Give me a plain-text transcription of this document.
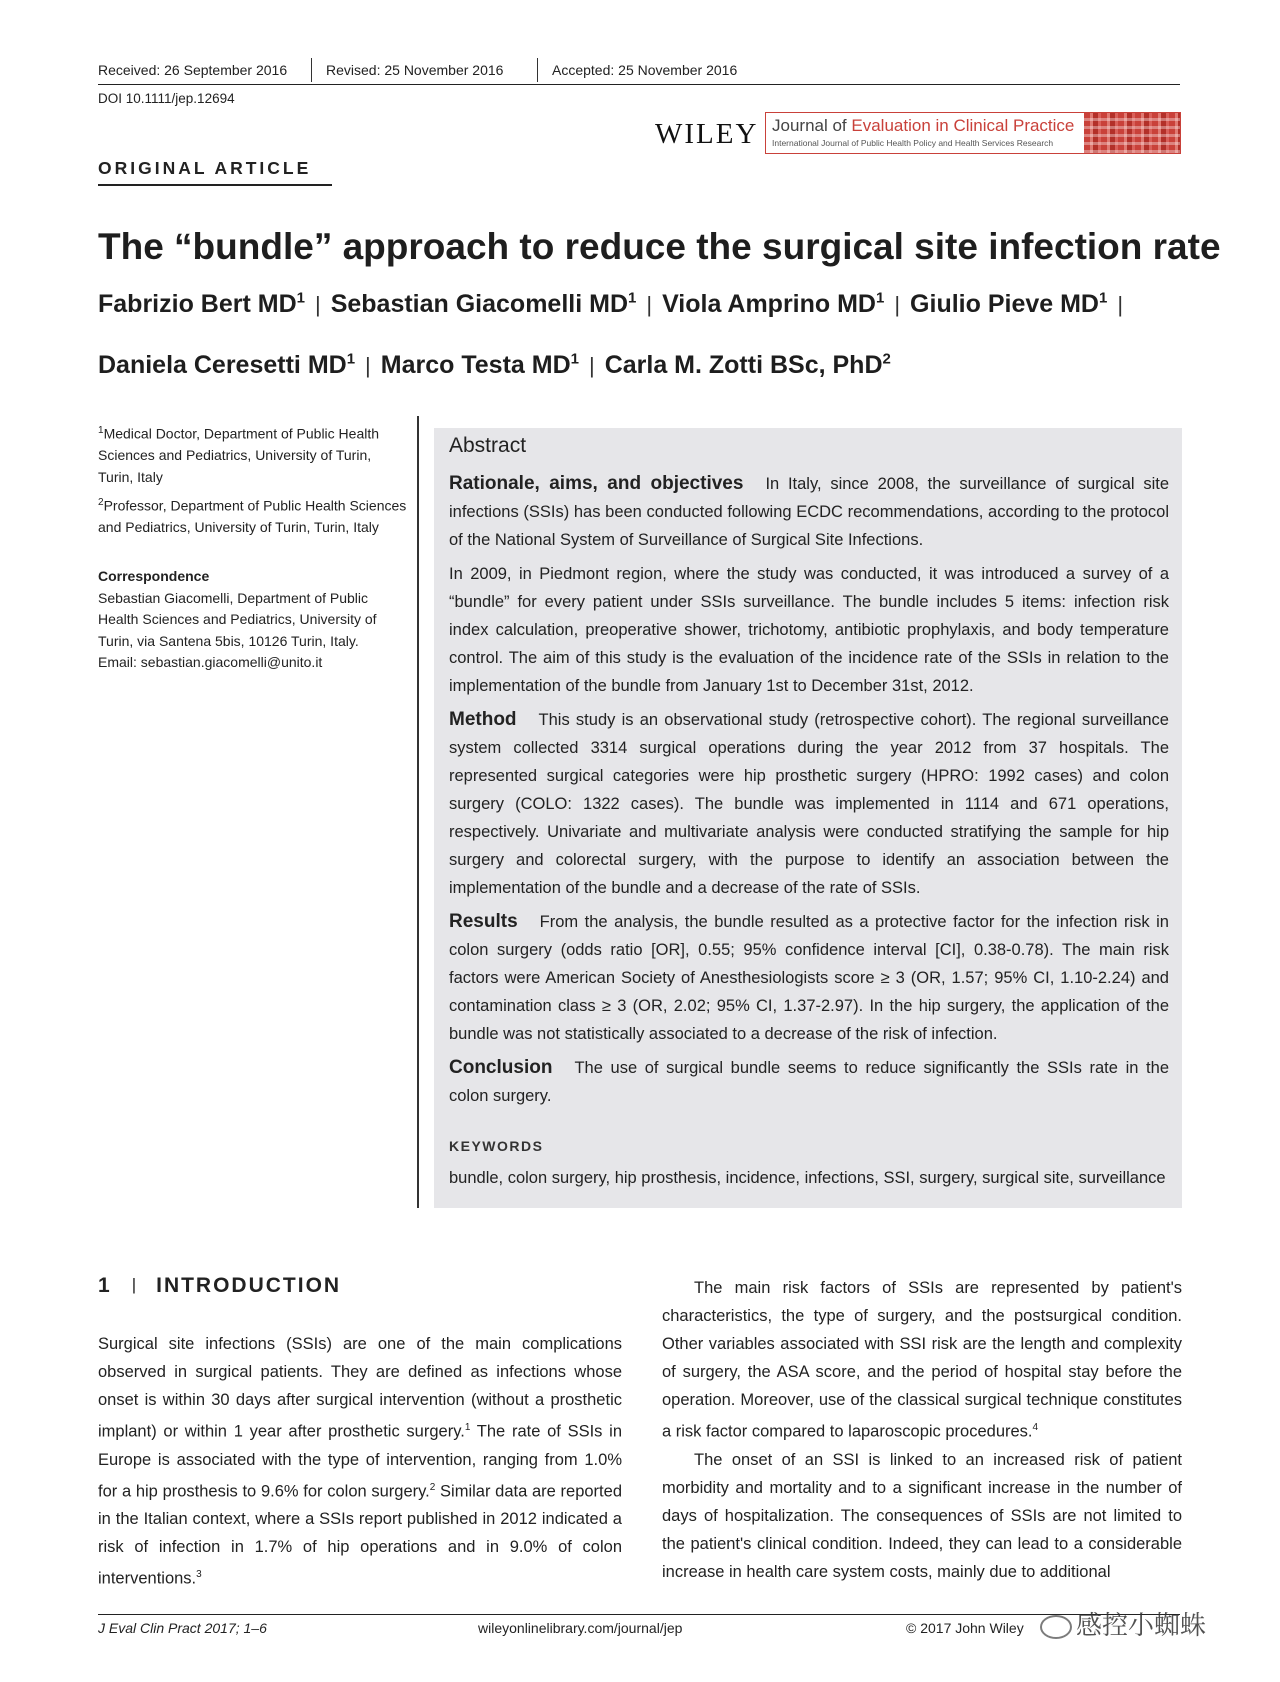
Received: 26 September 2016	Revised: 25 November 2016	Accepted: 25 November 2016
DOI 10.1111/jep.12694
WILEY Journal of Evaluation in Clinical Practice
International Journal of Public Health Policy and Health Services Research
ORIGINAL ARTICLE
The “bundle” approach to reduce the surgical site infection rate
Fabrizio Bert $MD^1$ | Sebastian Giacomelli $MD^1$ | Viola Amprino $MD^1$ | Giulio Pieve $MD^1$ |
Daniela Ceresetti $MD^1$ | Marco Testa $MD^1$ | Carla M. Zotti BSc, PhD$^2$
$^1$Medical Doctor, Department of Public Health Sciences and Pediatrics, University of Turin, Turin, Italy
$^2$Professor, Department of Public Health Sciences and Pediatrics, University of Turin, Turin, Italy
Correspondence
Sebastian Giacomelli, Department of Public Health Sciences and Pediatrics, University of Turin, via Santena 5bis, 10126 Turin, Italy.
Email: sebastian.giacomelli@unito.it
Abstract

Rationale, aims, and objectives In Italy, since 2008, the surveillance of surgical site infections (SSIs) has been conducted following ECDC recommendations, according to the protocol of the National System of Surveillance of Surgical Site Infections.

In 2009, in Piedmont region, where the study was conducted, it was introduced a survey of a “bundle” for every patient under SSIs surveillance. The bundle includes 5 items: infection risk index calculation, preoperative shower, trichotomy, antibiotic prophylaxis, and body temperature control. The aim of this study is the evaluation of the incidence rate of the SSIs in relation to the implementation of the bundle from January 1st to December 31st, 2012.

Method This study is an observational study (retrospective cohort). The regional surveillance system collected 3314 surgical operations during the year 2012 from 37 hospitals. The represented surgical categories were hip prosthetic surgery (HPRO: 1992 cases) and colon surgery (COLO: 1322 cases). The bundle was implemented in 1114 and 671 operations, respectively. Univariate and multivariate analysis were conducted stratifying the sample for hip surgery and colorectal surgery, with the purpose to identify an association between the implementation of the bundle and a decrease of the rate of SSIs.

Results From the analysis, the bundle resulted as a protective factor for the infection risk in colon surgery (odds ratio [OR], 0.55; 95% confidence interval [CI], 0.38-0.78). The main risk factors were American Society of Anesthesiologists score ≥ 3 (OR, 1.57; 95% CI, 1.10-2.24) and contamination class ≥ 3 (OR, 2.02; 95% CI, 1.37-2.97). In the hip surgery, the application of the bundle was not statistically associated to a decrease of the risk of infection.

Conclusion The use of surgical bundle seems to reduce significantly the SSIs rate in the colon surgery.

KEYWORDS
bundle, colon surgery, hip prosthesis, incidence, infections, SSI, surgery, surgical site, surveillance
1 | INTRODUCTION

Surgical site infections (SSIs) are one of the main complications observed in surgical patients. They are defined as infections whose onset is within 30 days after surgical intervention (without a prosthetic implant) or within 1 year after prosthetic surgery.$^1$ The rate of SSIs in Europe is associated with the type of intervention, ranging from 1.0% for a hip prosthesis to 9.6% for colon surgery.$^2$ Similar data are reported in the Italian context, where a SSIs report published in 2012 indicated a risk of infection in 1.7% of hip operations and in 9.0% of colon interventions.$^3$

The main risk factors of SSIs are represented by patient's characteristics, the type of surgery, and the postsurgical condition. Other variables associated with SSI risk are the length and complexity of surgery, the ASA score, and the period of hospital stay before the operation. Moreover, use of the classical surgical technique constitutes a risk factor compared to laparoscopic procedures.$^4$

The onset of an SSI is linked to an increased risk of patient morbidity and mortality and to a significant increase in the number of days of hospitalization. The consequences of SSIs are not limited to the patient's clinical condition. Indeed, they can lead to a considerable increase in health care system costs, mainly due to additional

J Eval Clin Pract 2017; 1–6	wileyonlinelibrary.com/journal/jep	© 2017 John Wiley	感控小蜘蛛
